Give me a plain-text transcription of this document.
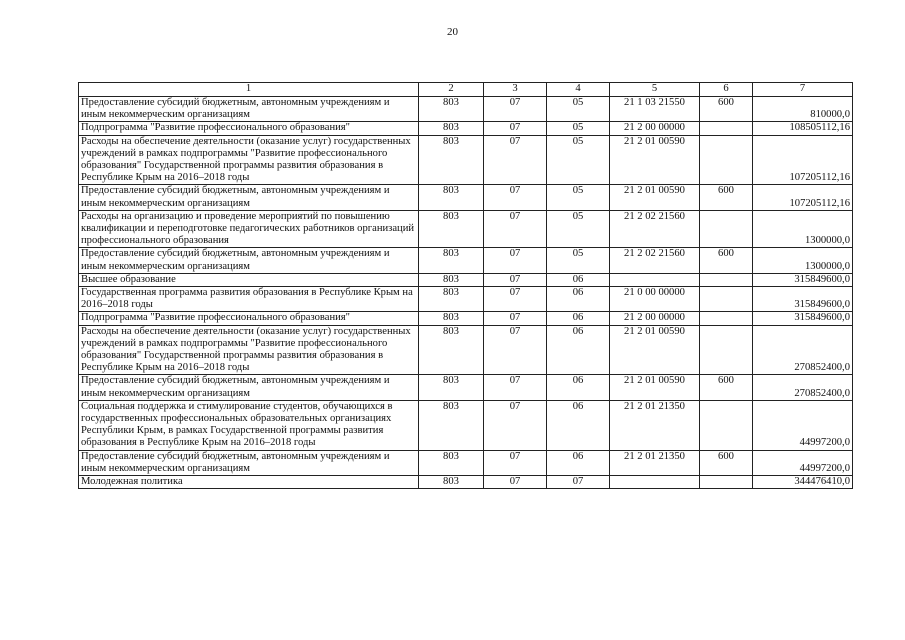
20
1	2	3	4	5	6	7
Предоставление субсидий бюджетным, автономным учреждениям и иным некоммерческим организациям	803	07	05	21 1 03 21550	600	810000,0
Подпрограмма "Развитие профессионального образования"	803	07	05	21 2 00 00000		108505112,16
Расходы на обеспечение деятельности (оказание услуг) государственных учреждений в рамках подпрограммы "Развитие профессионального образования" Государственной программы развития образования в Республике Крым на 2016–2018 годы	803	07	05	21 2 01 00590		107205112,16
Предоставление субсидий бюджетным, автономным учреждениям и иным некоммерческим организациям	803	07	05	21 2 01 00590	600	107205112,16
Расходы на организацию и проведение мероприятий по повышению квалификации и переподготовке педагогических работников организаций профессионального образования	803	07	05	21 2 02 21560		1300000,0
Предоставление субсидий бюджетным, автономным учреждениям и иным некоммерческим организациям	803	07	05	21 2 02 21560	600	1300000,0
Высшее образование	803	07	06			315849600,0
Государственная программа развития образования в Республике Крым на 2016–2018 годы	803	07	06	21 0 00 00000		315849600,0
Подпрограмма "Развитие профессионального образования"	803	07	06	21 2 00 00000		315849600,0
Расходы на обеспечение деятельности (оказание услуг) государственных учреждений в рамках подпрограммы "Развитие профессионального образования" Государственной программы развития образования в Республике Крым на 2016–2018 годы	803	07	06	21 2 01 00590		270852400,0
Предоставление субсидий бюджетным, автономным учреждениям и иным некоммерческим организациям	803	07	06	21 2 01 00590	600	270852400,0
Социальная поддержка и стимулирование студентов, обучающихся в государственных профессиональных образовательных организациях Республики Крым, в рамках Государственной программы развития образования в Республике Крым на 2016–2018 годы	803	07	06	21 2 01 21350		44997200,0
Предоставление субсидий бюджетным, автономным учреждениям и иным некоммерческим организациям	803	07	06	21 2 01 21350	600	44997200,0
Молодежная политика	803	07	07			344476410,0
